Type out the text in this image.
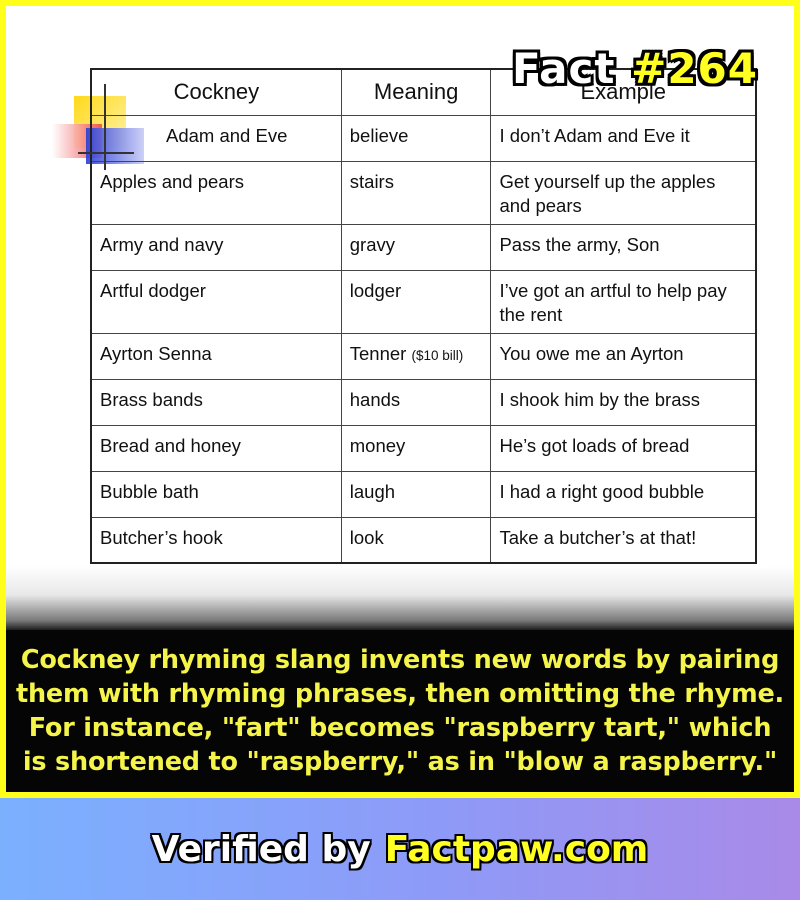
Cockney	Meaning	Example
Adam and Eve	believe	I don’t Adam and Eve it
Apples and pears	stairs	Get yourself up the apples and pears
Army and navy	gravy	Pass the army, Son
Artful dodger	lodger	I’ve got an artful to help pay the rent
Ayrton Senna	Tenner ($10 bill)	You owe me an Ayrton
Brass bands	hands	I shook him by the brass
Bread and honey	money	He’s got loads of bread
Bubble bath	laugh	I had a right good bubble
Butcher’s hook	look	Take a butcher’s at that!
Fact #264

Cockney rhyming slang invents new words by pairing them with rhyming phrases, then omitting the rhyme. For instance, "fart" becomes "raspberry tart," which is shortened to "raspberry," as in "blow a raspberry."

Verified by Factpaw.com
